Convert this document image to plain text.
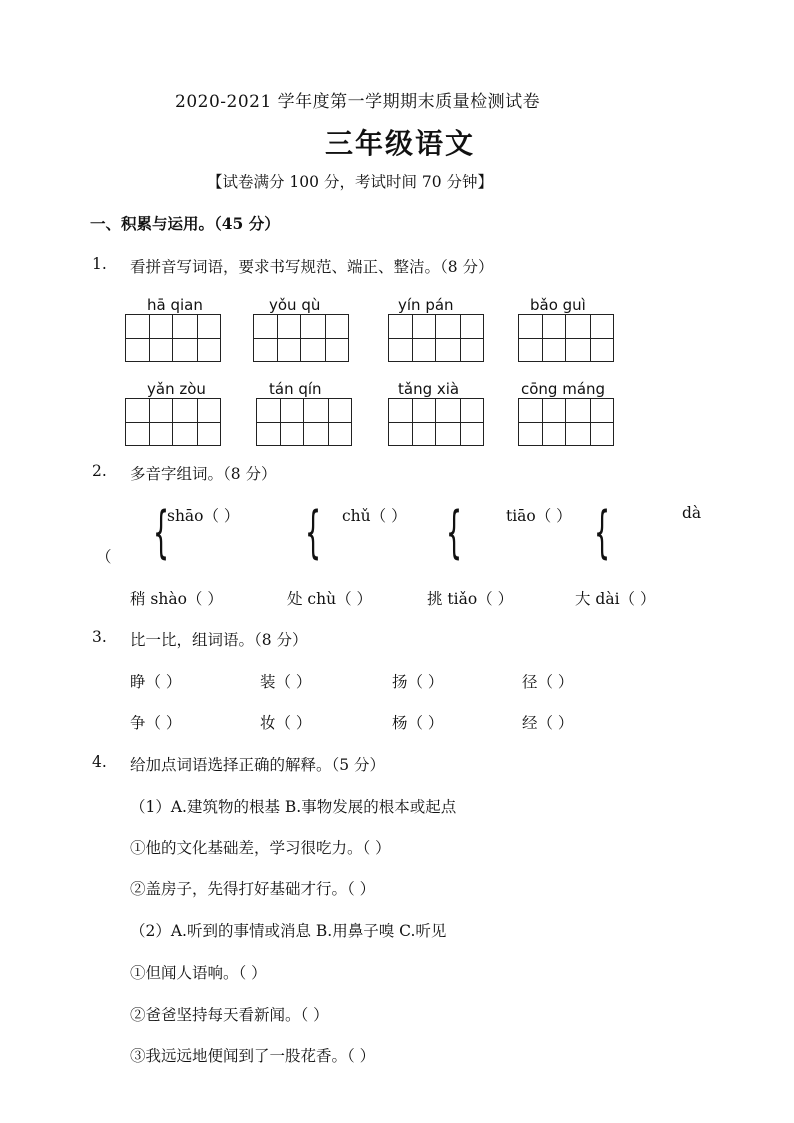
2020-2021 学年度第一学期期末质量检测试卷
三年级语文
【试卷满分 100 分，考试时间 70 分钟】
一、积累与运用。（45 分）
1. 看拼音写词语，要求书写规范、端正、整洁。（8 分）
hā qian	yǒu qù	yín pán	bǎo guì
yǎn zòu	tán qín	tǎng xià	cōng máng
2. 多音字组词。（8 分）
{ { { {
shāo（ ）	chǔ（ ）	tiāo（ ）	dà
（
稍 shào（ ）	处 chù（ ）	挑 tiǎo（ ）	大 dài（ ）
3. 比一比，组词语。（8 分）
睁（ ）	装（ ）	扬（ ）	径（ ）
争（ ）	妆（ ）	杨（ ）	经（ ）
4. 给加点词语选择正确的解释。（5 分）
（1）A.建筑物的根基 B.事物发展的根本或起点
①他的文化基础差，学习很吃力。（ ）
②盖房子，先得打好基础才行。（ ）
（2）A.听到的事情或消息 B.用鼻子嗅 C.听见
①但闻人语响。（ ）
②爸爸坚持每天看新闻。（ ）
③我远远地便闻到了一股花香。（ ）
